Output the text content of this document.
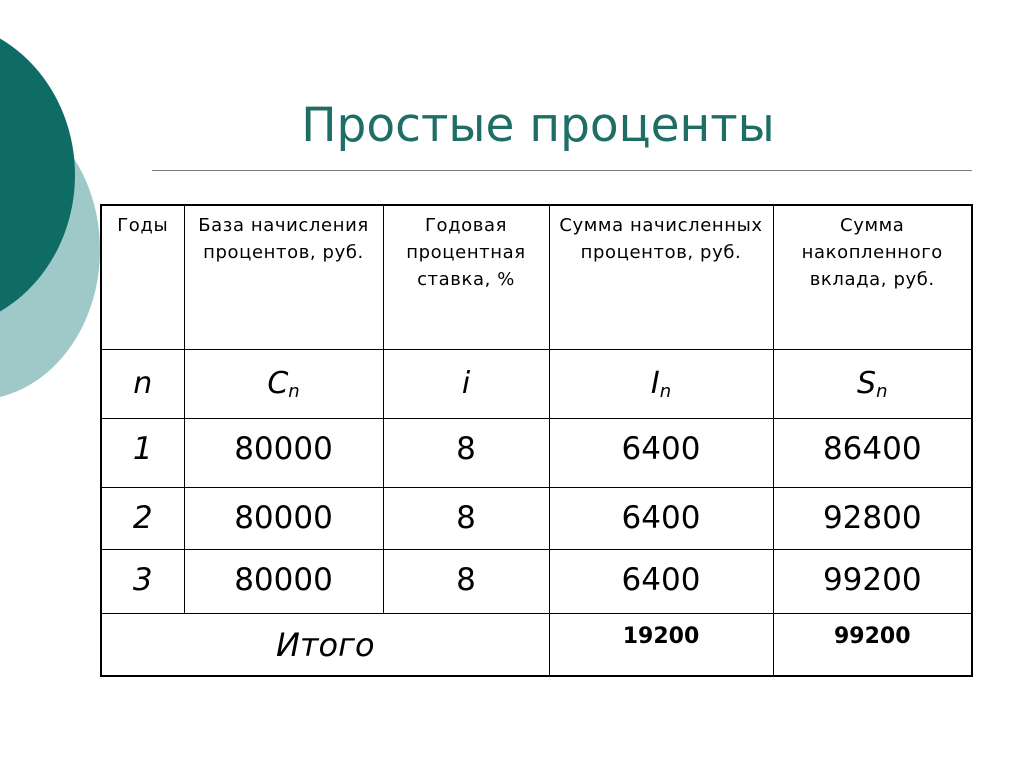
Простые проценты
Годы	База начисления процентов, руб.	Годовая процентная ставка, %	Сумма начисленных процентов, руб.	Сумма накопленного вклада, руб.
n	$C_n$	i	$I_n$	$S_n$
1	80000	8	6400	86400
2	80000	8	6400	92800
3	80000	8	6400	99200
Итого			19200	99200
